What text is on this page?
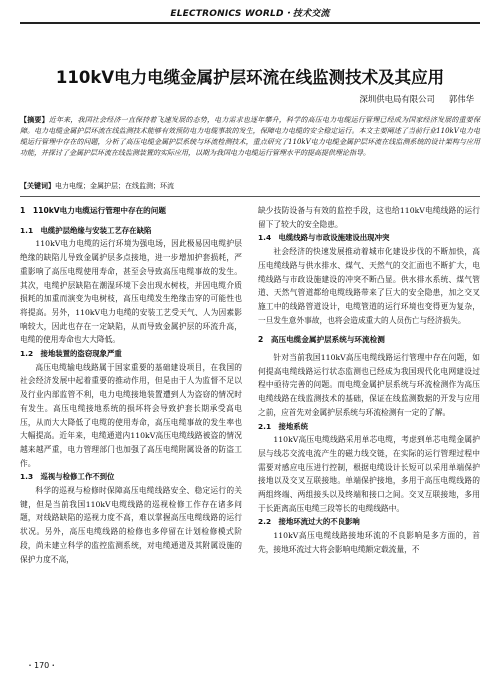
ELECTRONICS WORLD・技术交流
110kV电力电缆金属护层环流在线监测技术及其应用
深圳供电局有限公司 郭伟华
【摘要】近年来，我国社会经济一直保持着飞速发展的态势，电力需求也逐年攀升，科学的高压电力电缆运行管理已经成为国家经济发展的重要保障。电力电缆金属护层环流在线监测技术能够有效预防电力电缆事故的发生，保障电力电缆的安全稳定运行。本文主要阐述了当前行业110kV电力电缆运行管理中存在的问题，分析了高压电缆金属护层系统与环流检测技术，重点研究了110kV电力电缆金属护层环流在线监测系统的设计架构与应用功能，并探讨了金属护层环流在线监测装置的实际应用，以期为我国电力电缆运行管理水平的提高提供理论指导。
【关键词】电力电缆；金属护层；在线监测；环流
1　110kV电力电缆运行管理中存在的问题
1.1　电缆护层绝缘与安装工艺存在缺陷

110kV电力电缆的运行环境为强电场，因此极易因电缆护层绝缘的缺陷儿导致金属护层多点接地，进一步增加护套损耗，严重影响了高压电缆使用寿命，甚至会导致高压电缆事故的发生。其次，电缆护层缺陷在潮湿环境下会出现水树枝，并因电缆介质损耗的加重而演变为电树枝，高压电缆发生绝缘击穿的可能性也将提高。另外，110kV电力电缆的安装工艺受天气、人为因素影响较大，因此也存在一定缺陷，从而导致金属护层的环流升高，电缆的使用寿命也大大降低。

1.2　接地装置的盗窃现象严重

高压电缆输电线路属于国家重要的基础建设项目，在我国的社会经济发展中起着重要的推动作用，但是由于人为监督不足以及行业内部监管不利，电力电缆接地装置遭到人为盗窃的情况时有发生。高压电缆接地系统的损坏将会导致护套长期承受高电压，从而大大降低了电缆的使用寿命，高压电缆事故的发生率也大幅提高。近年来，电缆通道内110kV高压电缆线路被盗的情况越来越严重，电力管理部门也加强了高压电缆附属设备的防盗工作。

1.3　巡视与检修工作不到位

科学的巡视与检修时保障高压电缆线路安全、稳定运行的关键，但是当前我国110kV电缆线路的巡视检修工作存在诸多问题，对线路缺陷的巡视力度不高，难以掌握高压电缆线路的运行状况。另外，高压电缆线路的检修也多停留在计划检修模式阶段，尚未建立科学的监控监测系统，对电缆通道及其附属设施的保护力度不高，

缺少技防设备与有效的监控手段，这也给110kV电缆线路的运行留下了较大的安全隐患。

1.4　电缆线路与市政设施建设出现冲突

社会经济的快速发展推动着城市化建设步伐的不断加快，高压电缆线路与供水排水、煤气、天然气的交汇面也不断扩大，电缆线路与市政设施建设的冲突不断凸显。供水排水系统、煤气管道、天然气管道都给电缆线路带来了巨大的安全隐患，加之交叉施工中的线路管道设计，电缆管道的运行环境也变得更为复杂，一旦发生意外事故，也将会造成重大的人员伤亡与经济损失。

2　高压电缆金属护层系统与环流检测

针对当前我国110kV高压电缆线路运行管理中存在问题，如何提高电缆线路运行状态监测也已经成为我国现代化电网建设过程中亟待完善的问题。而电缆金属护层系统与环流检测作为高压电缆线路在线监测技术的基础，保证在线监测数据的开发与应用之前，应首先对金属护层系统与环流检测有一定的了解。

2.1　接地系统

110kV高压电缆线路采用单芯电缆，考虑到单芯电缆金属护层与线芯交流电流产生的磁力线交链，在实际的运行管理过程中需要对感应电压进行控制，根据电缆设计长短可以采用单端保护接地以及交叉互联接地。单端保护接地，多用于高压电缆线路的两组终端、两组接头以及终端和接口之间。交叉互联接地，多用于长距离高压电缆三段等长的电缆线路中。

2.2　接地环流过大的不良影响

110kV高压电缆线路接地环流的不良影响是多方面的，首先，接地环流过大将会影响电缆额定载流量，不

・170・
